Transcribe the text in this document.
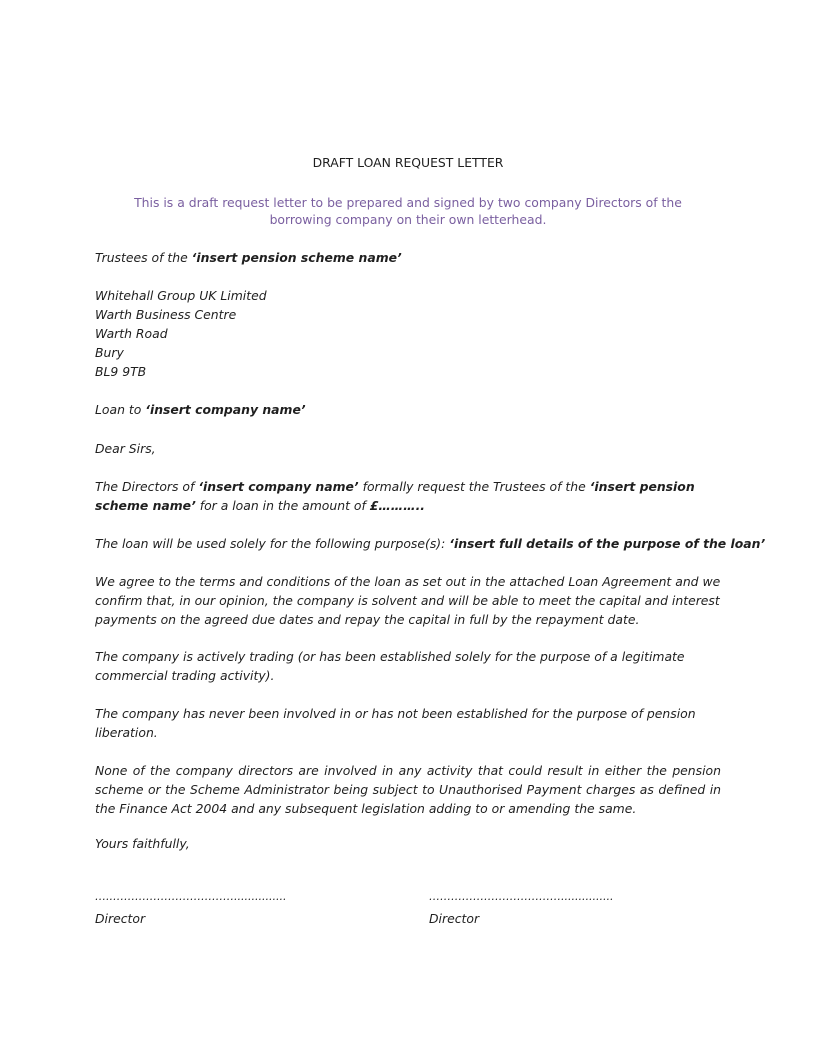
DRAFT LOAN REQUEST LETTER
This is a draft request letter to be prepared and signed by two company Directors of the borrowing company on their own letterhead.
Trustees of the ‘insert pension scheme name’
Whitehall Group UK Limited
Warth Business Centre
Warth Road
Bury
BL9 9TB
Loan to ‘insert company name’
Dear Sirs,
The Directors of ‘insert company name’ formally request the Trustees of the ‘insert pension scheme name’ for a loan in the amount of £………..
The loan will be used solely for the following purpose(s): ‘insert full details of the purpose of the loan’
We agree to the terms and conditions of the loan as set out in the attached Loan Agreement and we confirm that, in our opinion, the company is solvent and will be able to meet the capital and interest payments on the agreed due dates and repay the capital in full by the repayment date.
The company is actively trading (or has been established solely for the purpose of a legitimate commercial trading activity).
The company has never been involved in or has not been established for the purpose of pension liberation.
None of the company directors are involved in any activity that could result in either the pension scheme or the Scheme Administrator being subject to Unauthorised Payment charges as defined in the Finance Act 2004 and any subsequent legislation adding to or amending the same.
Yours faithfully,
…..……………………………...............
Director
………………………………...............
Director
